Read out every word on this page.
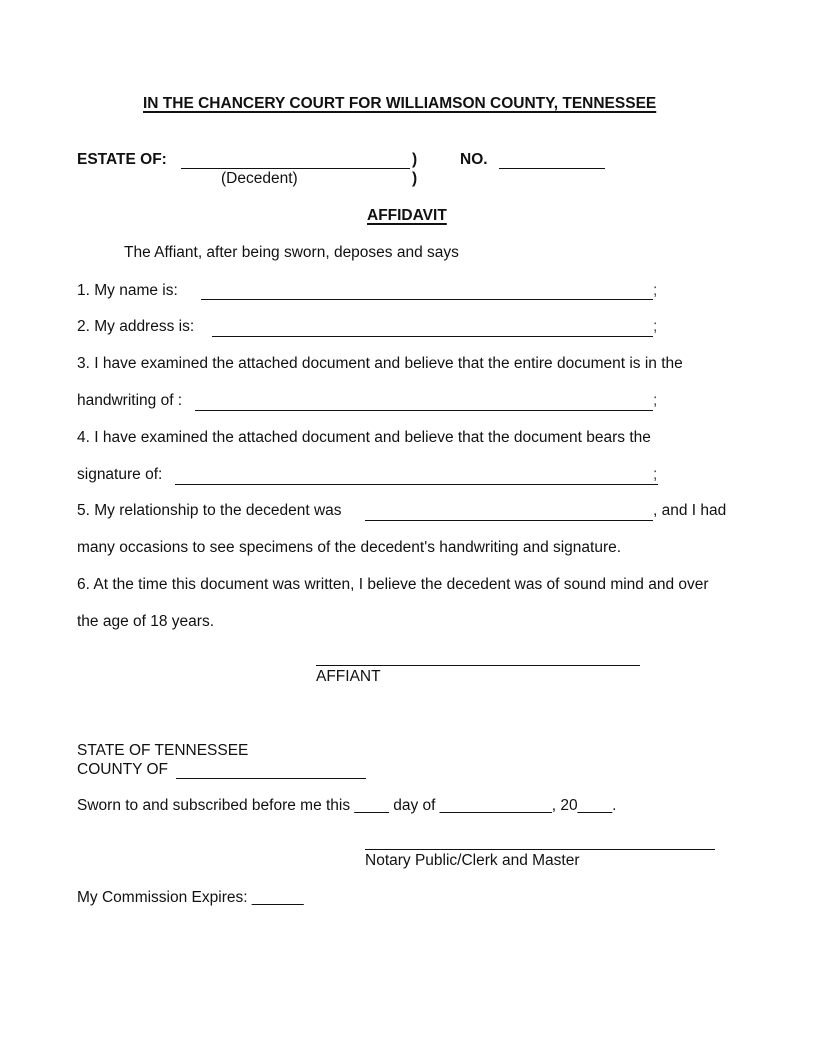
IN THE CHANCERY COURT FOR WILLIAMSON COUNTY, TENNESSEE
ESTATE OF:	)	NO.
(Decedent)	)
AFFIDAVIT
The Affiant, after being sworn, deposes and says
1. My name is:	;
2. My address is:	;
3. I have examined the attached document and believe that the entire document is in the
handwriting of :	;
4. I have examined the attached document and believe that the document bears the
signature of:	;
5. My relationship to the decedent was	, and I had
many occasions to see specimens of the decedent's handwriting and signature.
6. At the time this document was written, I believe the decedent was of sound mind and over
the age of 18 years.
AFFIANT
STATE OF TENNESSEE
COUNTY OF
Sworn to and subscribed before me this ____ day of _____________, 20____.
Notary Public/Clerk and Master
My Commission Expires: ______
